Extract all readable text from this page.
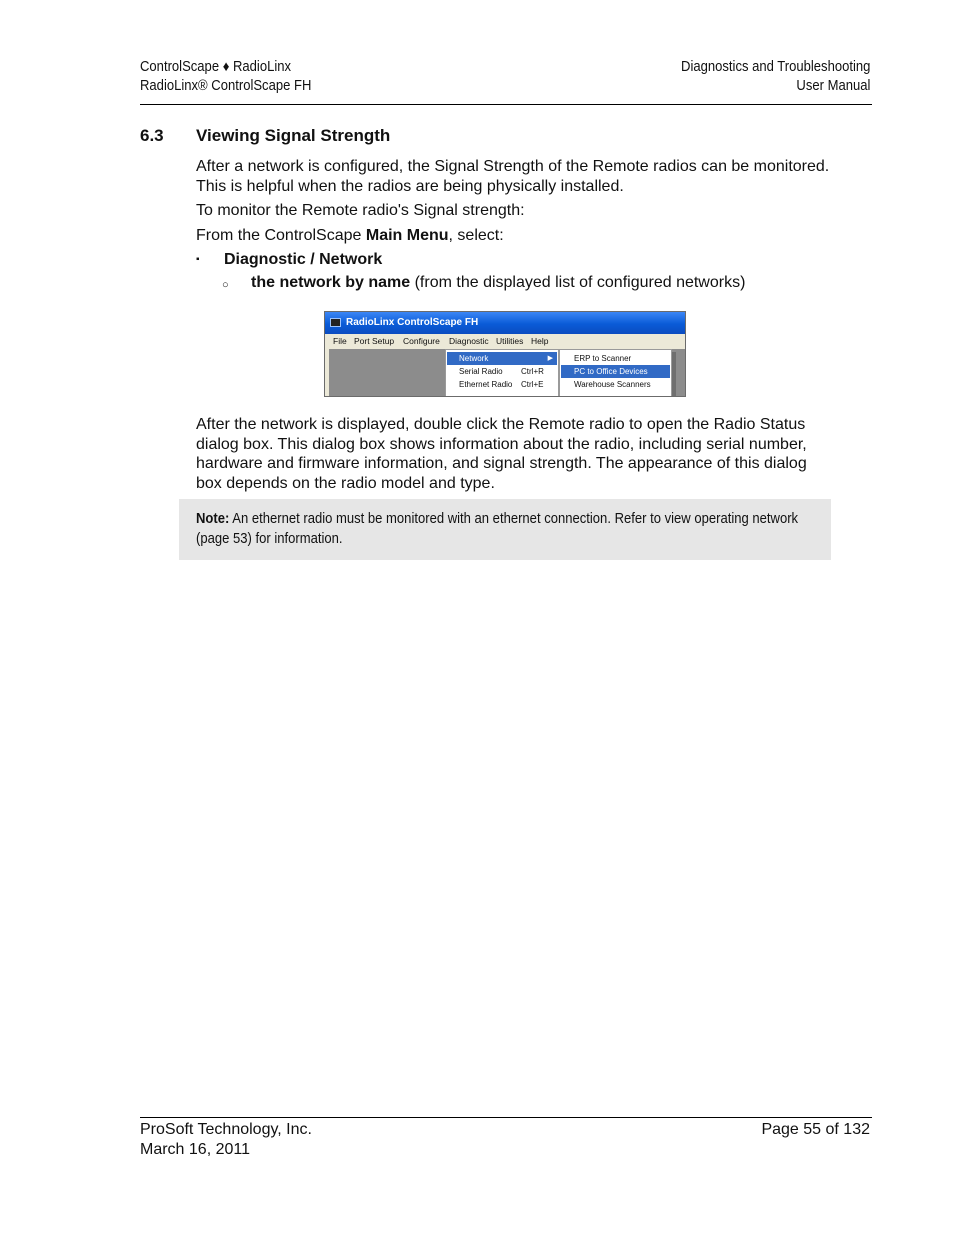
ControlScape ♦ RadioLinx
RadioLinx® ControlScape FH
Diagnostics and Troubleshooting
User Manual
6.3 Viewing Signal Strength
After a network is configured, the Signal Strength of the Remote radios can be monitored. This is helpful when the radios are being physically installed.
To monitor the Remote radio's Signal strength:
From the ControlScape Main Menu, select:
▪ Diagnostic / Network
○ the network by name (from the displayed list of configured networks)
RadioLinx ControlScape FH
File Port Setup Configure Diagnostic Utilities Help
Network	▶
Serial Radio Ctrl+R
Ethernet Radio Ctrl+E
ERP to Scanner
PC to Office Devices
Warehouse Scanners
After the network is displayed, double click the Remote radio to open the Radio Status dialog box. This dialog box shows information about the radio, including serial number, hardware and firmware information, and signal strength. The appearance of this dialog box depends on the radio model and type.
Note: An ethernet radio must be monitored with an ethernet connection. Refer to view operating network (page 53) for information.
ProSoft Technology, Inc.
March 16, 2011
Page 55 of 132
